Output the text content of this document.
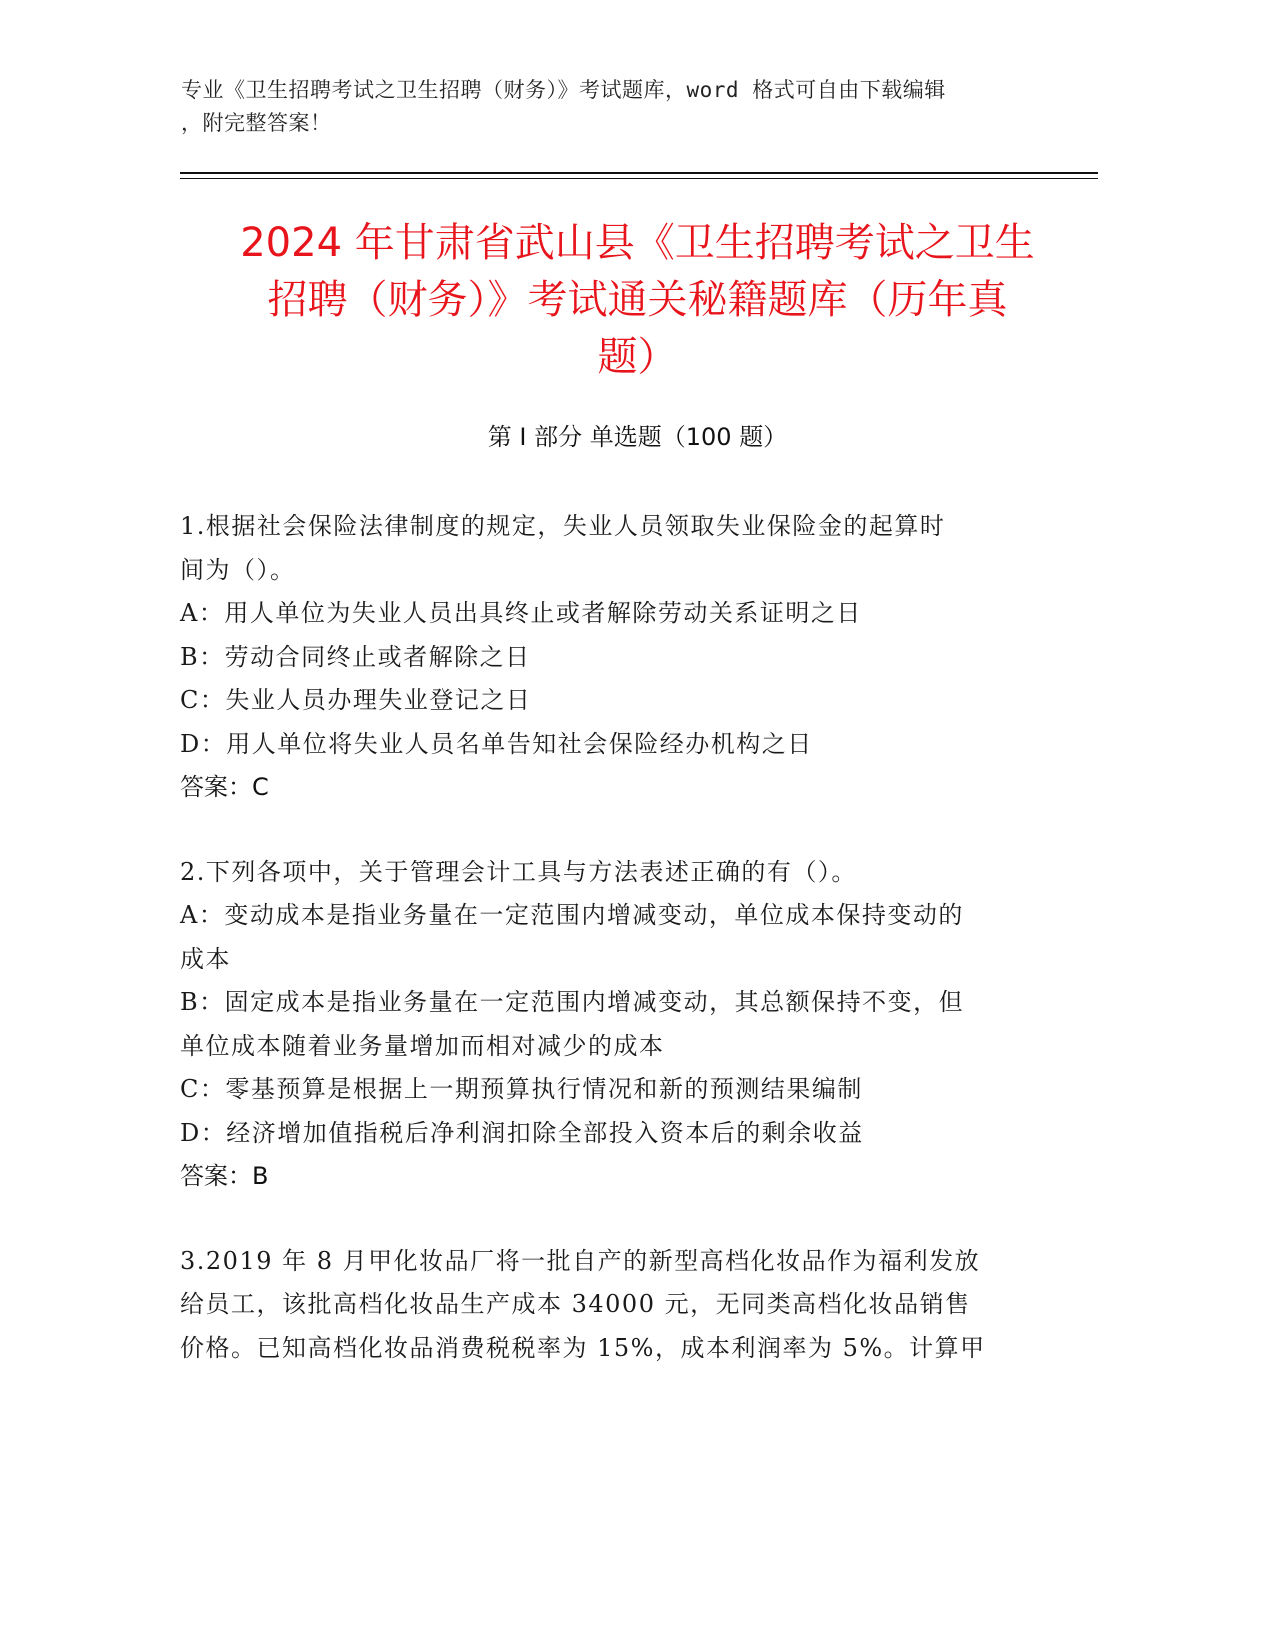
专业《卫生招聘考试之卫生招聘（财务）》考试题库，word 格式可自由下载编辑
，附完整答案！
2024 年甘肃省武山县《卫生招聘考试之卫生
招聘（财务）》考试通关秘籍题库（历年真
题）
第 I 部分 单选题（100 题）
1.根据社会保险法律制度的规定，失业人员领取失业保险金的起算时
间为（）。
A：用人单位为失业人员出具终止或者解除劳动关系证明之日
B：劳动合同终止或者解除之日
C：失业人员办理失业登记之日
D：用人单位将失业人员名单告知社会保险经办机构之日
答案：C
2.下列各项中，关于管理会计工具与方法表述正确的有（）。
A：变动成本是指业务量在一定范围内增减变动，单位成本保持变动的
成本
B：固定成本是指业务量在一定范围内增减变动，其总额保持不变，但
单位成本随着业务量增加而相对减少的成本
C：零基预算是根据上一期预算执行情况和新的预测结果编制
D：经济增加值指税后净利润扣除全部投入资本后的剩余收益
答案：B
3.2019 年 8 月甲化妆品厂将一批自产的新型高档化妆品作为福利发放
给员工，该批高档化妆品生产成本 34000 元，无同类高档化妆品销售
价格。已知高档化妆品消费税税率为 15%，成本利润率为 5%。计算甲
